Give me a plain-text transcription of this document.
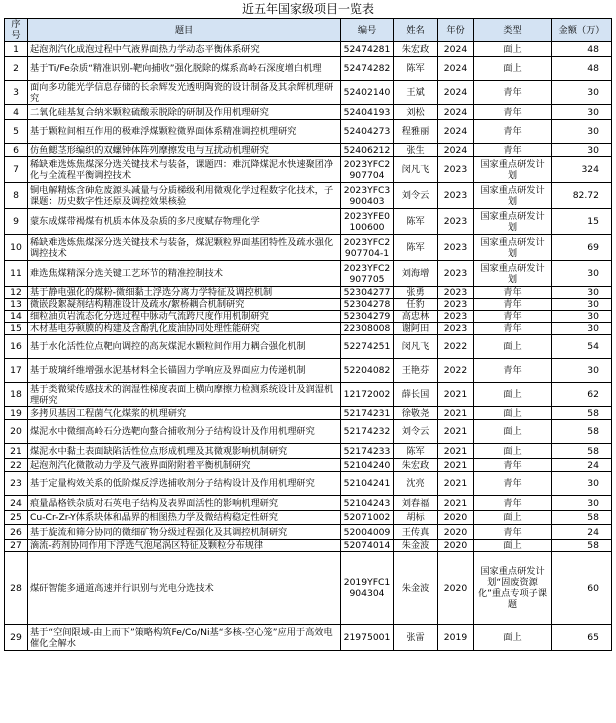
近五年国家级项目一览表
序号	题目	编号	姓名	年份	类型	金额（万）
1	起泡剂汽化成泡过程中气液界面热力学动态平衡体系研究	52474281	朱宏政	2024	面上	48
2	基于Ti/Fe杂质“精准识别-靶向捕收”强化脱除的煤系高岭石深度增白机理	52474282	陈军	2024	面上	48
3	面向多功能光学信息存储的长余辉发光透明陶瓷的设计制备及其余辉机理研究	52402140	王斌	2024	青年	30
4	二氧化硅基复合纳米颗粒硫酸汞脱除的研制及作用机理研究	52404193	刘松	2024	青年	30
5	基于颗粒间相互作用的极难浮煤颗粒微界面体系精准调控机理研究	52404273	程雅丽	2024	青年	30
6	仿鱼鳃茎形编织的双螺钟体阵列摩擦发电与互扰动机理研究	52406212	张生	2024	青年	30
7	稀缺难选炼焦煤深分选关键技术与装备，课题四：难沉降煤泥水快速聚团净化与全流程平衡调控技术	2023YFC2907704	闵凡飞	2023	国家重点研发计划	324
8	铜电解精炼含砷危废源头减量与分质梯级利用微观化学过程数字化技术，子课题：历史数字性还原及调控效果核验	2023YFC3900403	刘令云	2023	国家重点研发计划	82.72
9	蒙东成煤带褐煤有机质本体及杂质的多尺度赋存物理化学	2023YFE0100600	陈军	2023	国家重点研发计划	15
10	稀缺难选炼焦煤深分选关键技术与装备，煤泥颗粒界面基团特性及疏水强化调控技术	2023YFC2907704-1	陈军	2023	国家重点研发计划	69
11	难选焦煤精深分选关键工艺环节的精准控制技术	2023YFC2907705	刘海增	2023	国家重点研发计划	30
12	基于静电强化的煤粉-微细黏土浮选分离力学特征及调控机制	52304277	张勇	2023	青年	30
13	微嵌段絮凝剂结构精准设计及疏水/絮桥耦合机制研究	52304278	任豹	2023	青年	30
14	细粒油页岩流态化分选过程中脉动气流跨尺度作用机制研究	52304279	高忠林	2023	青年	30
15	木材基电芬顿膜的构建及含酚乳化废油协同处理性能研究	22308008	谢阿田	2023	青年	30
16	基于水化活性位点靶向调控的高灰煤泥水颗粒间作用力耦合强化机制	52274251	闵凡飞	2022	面上	54
17	基于玻璃纤维增强水泥基材料全长锚固力学响应及界面应力传递机制	52204082	王艳芬	2022	青年	30
18	基于类微梁传感技术的润湿性梯度表面上横向摩擦力检测系统设计及润湿机理研究	12172002	薛长国	2021	面上	62
19	多拷贝基因工程菌气化煤浆的机理研究	52174231	徐敬尧	2021	面上	58
20	煤泥水中微细高岭石分选靶向螯合捕收剂分子结构设计及作用机理研究	52174232	刘令云	2021	面上	58
21	煤泥水中黏土表面缺陷活性位点形成机理及其微观影响机制研究	52174233	陈军	2021	面上	58
22	起泡剂汽化微散动力学及气液界面附附着平衡机制研究	52104240	朱宏政	2021	青年	24
23	基于定量构效关系的低阶煤反浮选捕收剂分子结构设计及作用机理研究	52104241	沈亮	2021	青年	30
24	痕量晶格铁杂质对石英电子结构及表界面活性的影响机理研究	52104243	刘春福	2021	青年	30
25	Cu-Cr-Zr-Y体系块体和晶界的相图热力学及微结构稳定性研究	52071002	胡标	2020	面上	58
26	基于旋流和筛分协同的微细矿物分级过程强化及其调控机制研究	52004009	王传真	2020	青年	24
27	滴流-药剂协同作用下浮选气泡尾涡区特征及颗粒分布规律	52074014	朱金波	2020	面上	58
28	煤矸智能多通道高速并行识别与光电分选技术	2019YFC1904304	朱金波	2020	国家重点研发计划“固废资源化”重点专项子课题	60
29	基于“空间限域-由上而下”策略构筑Fe/Co/Ni基“多核-空心笼”应用于高效电催化全解水	21975001	张雷	2019	面上	65
